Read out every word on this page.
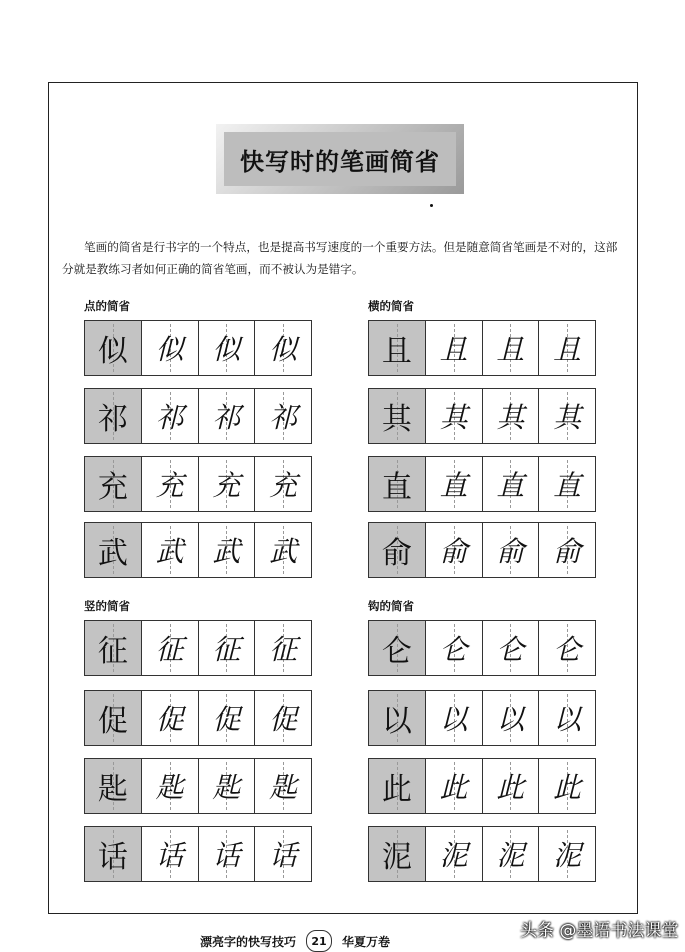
快写时的笔画简省
笔画的简省是行书字的一个特点，也是提高书写速度的一个重要方法。但是随意简省笔画是不对的，这部分就是教练习者如何正确的简省笔画，而不被认为是错字。
点的简省
似 似 似 似
祁 祁 祁 祁
充 充 充 充
武 武 武 武
横的简省
且 且 且 且
其 其 其 其
直 直 直 直
俞 俞 俞 俞
竖的简省
征 征 征 征
促 促 促 促
匙 匙 匙 匙
话 话 话 话
钩的简省
仑 仑 仑 仑
以 以 以 以
此 此 此 此
泥 泥 泥 泥
漂亮字的快写技巧	21	华夏万卷
头条 @墨语书法课堂
